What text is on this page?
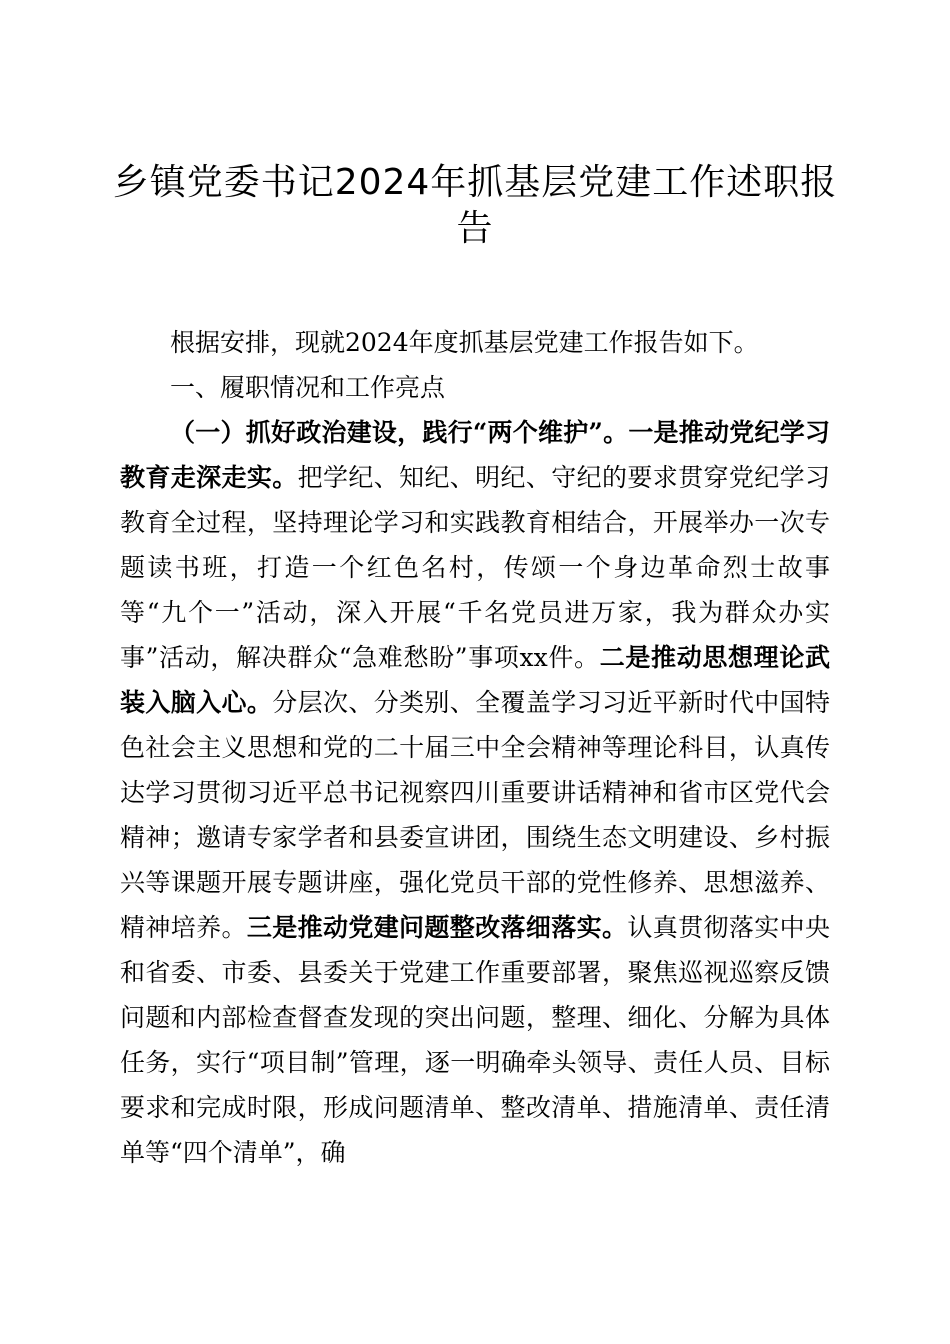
乡镇党委书记2024年抓基层党建工作述职报告

根据安排，现就2024年度抓基层党建工作报告如下。

一、履职情况和工作亮点

（一）抓好政治建设，践行“两个维护”。一是推动党纪学习教育走深走实。把学纪、知纪、明纪、守纪的要求贯穿党纪学习教育全过程，坚持理论学习和实践教育相结合，开展举办一次专题读书班，打造一个红色名村，传颂一个身边革命烈士故事等“九个一”活动，深入开展“千名党员进万家，我为群众办实事”活动，解决群众“急难愁盼”事项xx件。二是推动思想理论武装入脑入心。分层次、分类别、全覆盖学习习近平新时代中国特色社会主义思想和党的二十届三中全会精神等理论科目，认真传达学习贯彻习近平总书记视察四川重要讲话精神和省市区党代会精神；邀请专家学者和县委宣讲团，围绕生态文明建设、乡村振兴等课题开展专题讲座，强化党员干部的党性修养、思想滋养、精神培养。三是推动党建问题整改落细落实。认真贯彻落实中央和省委、市委、县委关于党建工作重要部署，聚焦巡视巡察反馈问题和内部检查督查发现的突出问题，整理、细化、分解为具体任务，实行“项目制”管理，逐一明确牵头领导、责任人员、目标要求和完成时限，形成问题清单、整改清单、措施清单、责任清单等“四个清单”，确
